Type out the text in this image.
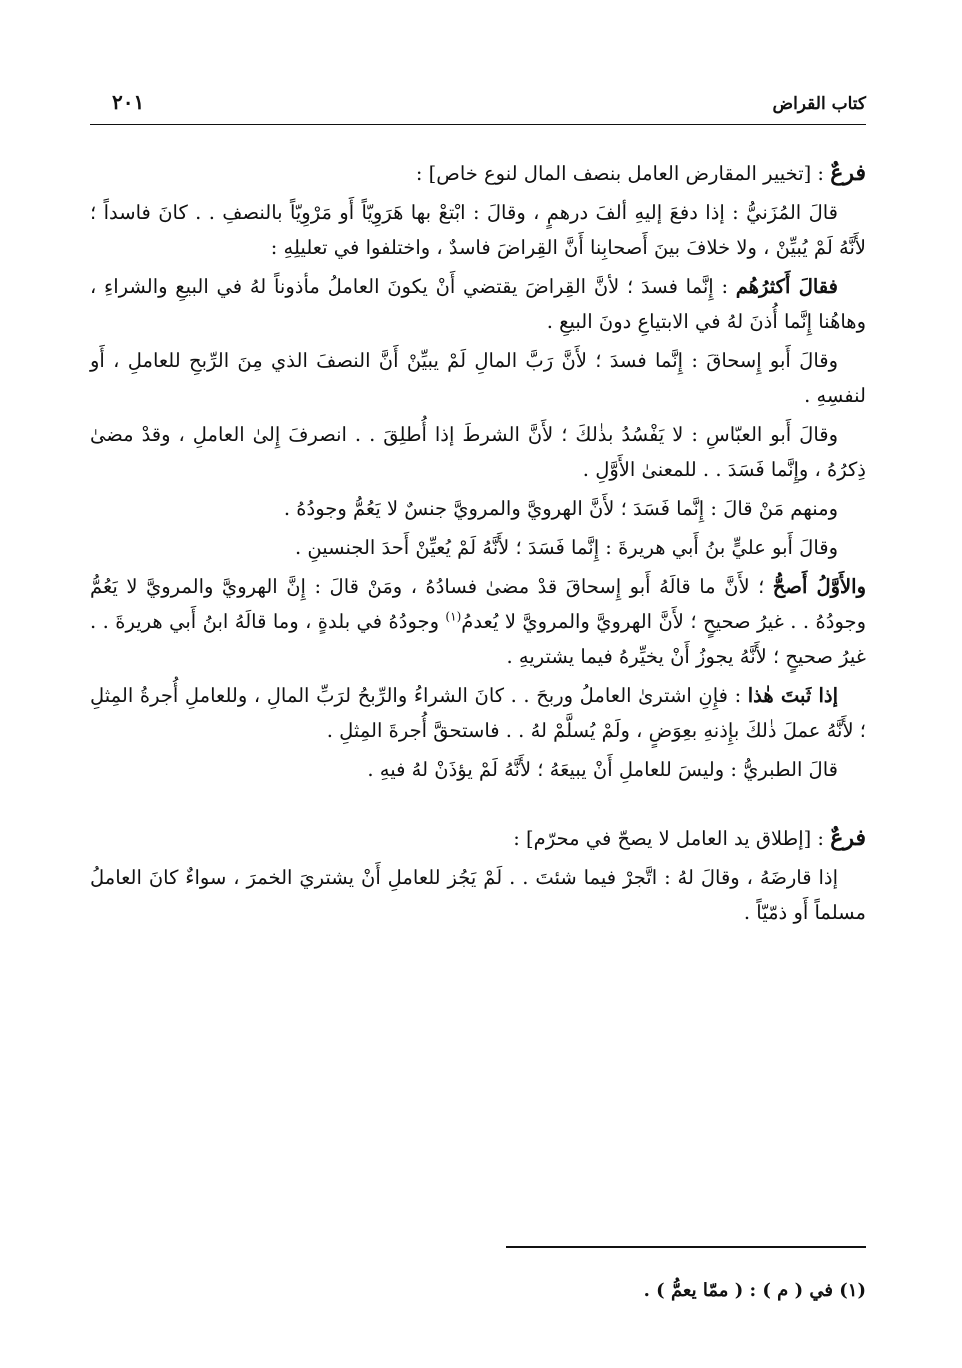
كتاب القراض
٢٠١

فرعٌ : [تخيير المقارض العامل بنصف المال لنوع خاص] :

قالَ المُزَنيُّ : إذا دفعَ إليهِ ألفَ درهمٍ ، وقالَ : ابْتعْ بها هَرَوِيّاً أَو مَرْوِيّاً بالنصفِ . . كانَ فاسداً ؛ لأَنَّهُ لَمْ يُبيِّنْ ، ولا خلافَ بينَ أَصحابِنا أَنَّ القِراضَ فاسدٌ ، واختلفوا في تعليلِهِ :

فقالَ أَكثرُهُم : إِنَّما فسدَ ؛ لأنَّ القِراضَ يقتضي أَنْ يكونَ العاملُ مأذوناً لهُ في البيعِ والشراءِ ، وهاهُنا إِنَّما أُذنَ لهُ في الابتياعِ دونَ البيعِ .

وقالَ أَبو إِسحاقَ : إِنَّما فسدَ ؛ لأَنَّ رَبَّ المالِ لَمْ يبيِّنْ أَنَّ النصفَ الذي مِنَ الرِّبحِ للعاملِ ، أَو لنفسِهِ .

وقالَ أَبو العبّاسِ : لا يَفْسُدُ بذٰلكَ ؛ لأَنَّ الشرطَ إذا أُطلِقَ . . انصرفَ إِلىٰ العاملِ ، وقدْ مضىٰ ذِكرُهُ ، وإِنَّما فَسَدَ . . للمعنىٰ الأَوَّلِ .

ومنهم مَنْ قالَ : إِنَّما فَسَدَ ؛ لأَنَّ الهرويَّ والمرويَّ جنسٌ لا يَعُمُّ وجودُهُ .

وقالَ أَبو عليٍّ بنُ أَبي هريرةَ : إِنَّما فَسَدَ ؛ لأَنَّهُ لَمْ يُعيِّنْ أَحدَ الجنسينِ .

والأَوَّلُ أَصحُّ ؛ لأَنَّ ما قالَهُ أَبو إِسحاقَ قدْ مضىٰ فسادُهُ ، ومَنْ قالَ : إِنَّ الهرويَّ والمرويَّ لا يَعُمُّ وجودُهُ . . غيرُ صحيحٍ ؛ لأَنَّ الهرويَّ والمرويَّ لا يُعدمُ$^{(١)}$ وجودُهُ في بلدةٍ ، وما قالَهُ ابنُ أَبي هريرةَ . . غيرُ صحيحٍ ؛ لأَنَّهُ يجوزُ أَنْ يخيِّرهُ فيما يشتريهِ .

إذا ثَبتَ هٰذا : فإِنِ اشترىٰ العاملُ وربحَ . . كانَ الشراءُ والرِّبحُ لرَبِّ المالِ ، وللعاملِ أُجرةُ المِثلِ ؛ لأَنَّهُ عملَ ذٰلكَ بإِذنهِ بعِوَضٍ ، ولَمْ يُسلَّمْ لهُ . . فاستحقَّ أُجرةَ المِثلِ .

قالَ الطبريُّ : وليسَ للعاملِ أَنْ يبيعَهُ ؛ لأَنَّهُ لَمْ يؤذَنْ لهُ فيهِ .

فرعٌ : [إطلاق يد العامل لا يصحّ في محرّم] :

إذا قارضَهُ ، وقالَ لهُ : اتَّجرْ فيما شئتَ . . لَمْ يَجُز للعاملِ أَنْ يشتريَ الخمرَ ، سواءٌ كانَ العاملُ مسلماً أَو ذمّيّاً .

(١) في ( م ) : ( ممّا يعمُّ ) .
